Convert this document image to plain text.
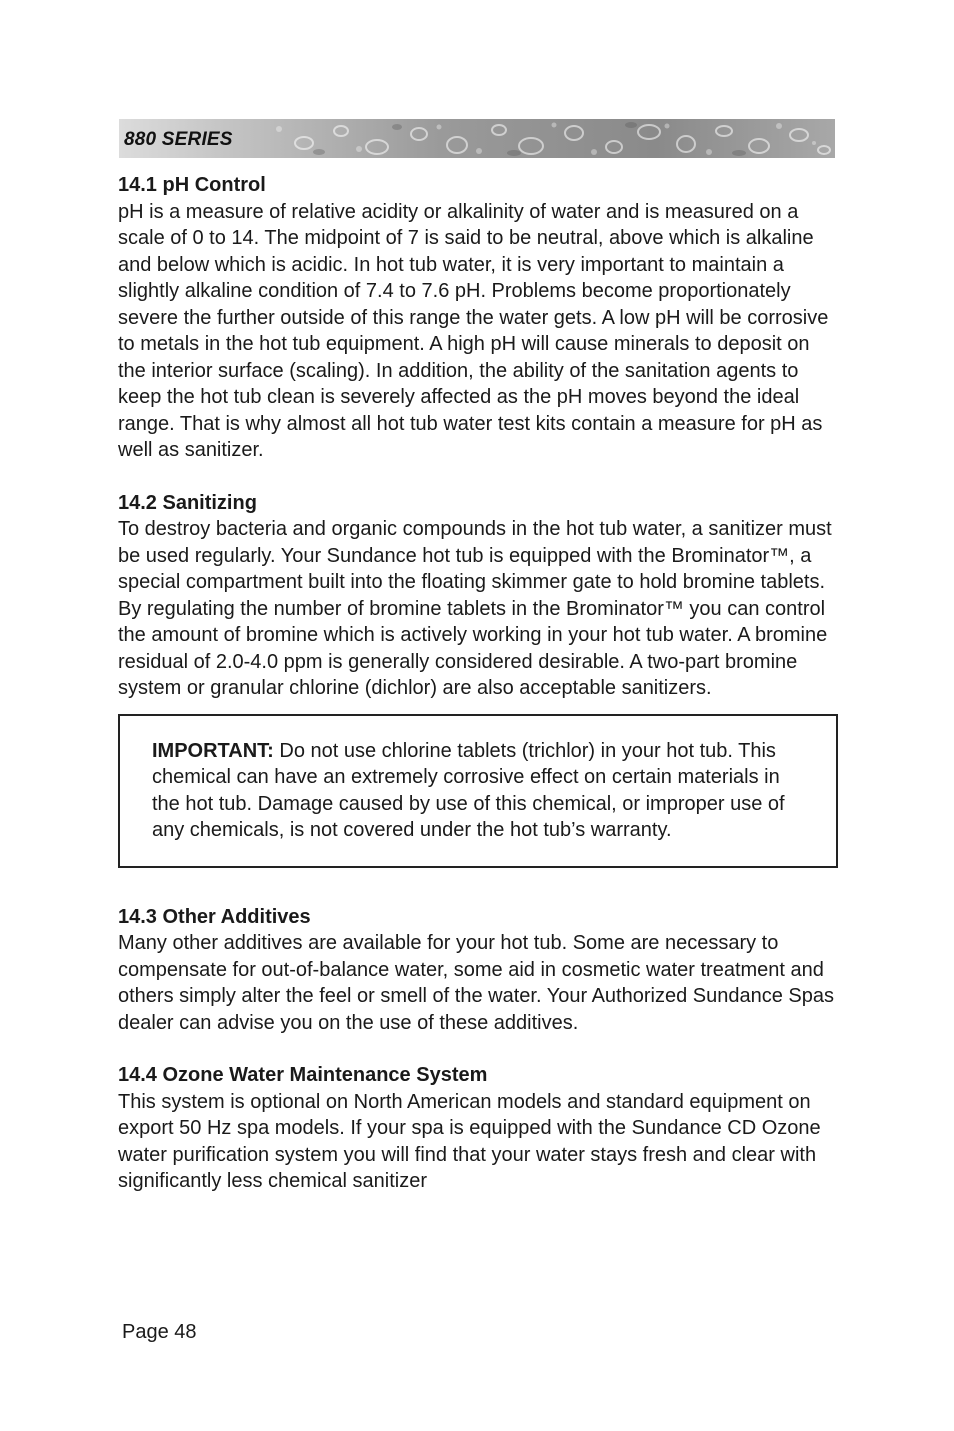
880 SERIES

14.1 pH Control

pH is a measure of relative acidity or alkalinity of water and is measured on a scale of 0 to 14. The midpoint of 7 is said to be neutral, above which is alkaline and below which is acidic. In hot tub water, it is very important to maintain a slightly alkaline condition of 7.4 to 7.6 pH. Problems become proportionately severe the further outside of this range the water gets. A low pH will be corrosive to metals in the hot tub equipment. A high pH will cause minerals to deposit on the interior surface (scaling). In addition, the ability of the sanitation agents to keep the hot tub clean is severely affected as the pH moves beyond the ideal range. That is why almost all hot tub water test kits contain a measure for pH as well as sanitizer.

14.2 Sanitizing

To destroy bacteria and organic compounds in the hot tub water, a sanitizer must be used regularly. Your Sundance hot tub is equipped with the Brominator™, a special compartment built into the floating skimmer gate to hold bromine tablets. By regulating the number of bromine tablets in the Brominator™ you can control the amount of bromine which is actively working in your hot tub water. A bromine residual of 2.0-4.0 ppm is generally considered desirable. A two-part bromine system or granular chlorine (dichlor) are also acceptable sanitizers.

IMPORTANT: Do not use chlorine tablets (trichlor) in your hot tub. This chemical can have an extremely corrosive effect on certain materials in the hot tub. Damage caused by use of this chemical, or improper use of any chemicals, is not covered under the hot tub’s warranty.

14.3 Other Additives

Many other additives are available for your hot tub. Some are necessary to compensate for out-of-balance water, some aid in cosmetic water treatment and others simply alter the feel or smell of the water. Your Authorized Sundance Spas dealer can advise you on the use of these additives.

14.4 Ozone Water Maintenance System

This system is optional on North American models and standard equipment on export 50 Hz spa models. If your spa is equipped with the Sundance CD Ozone water purification system you will find that your water stays fresh and clear with significantly less chemical sanitizer

Page 48
